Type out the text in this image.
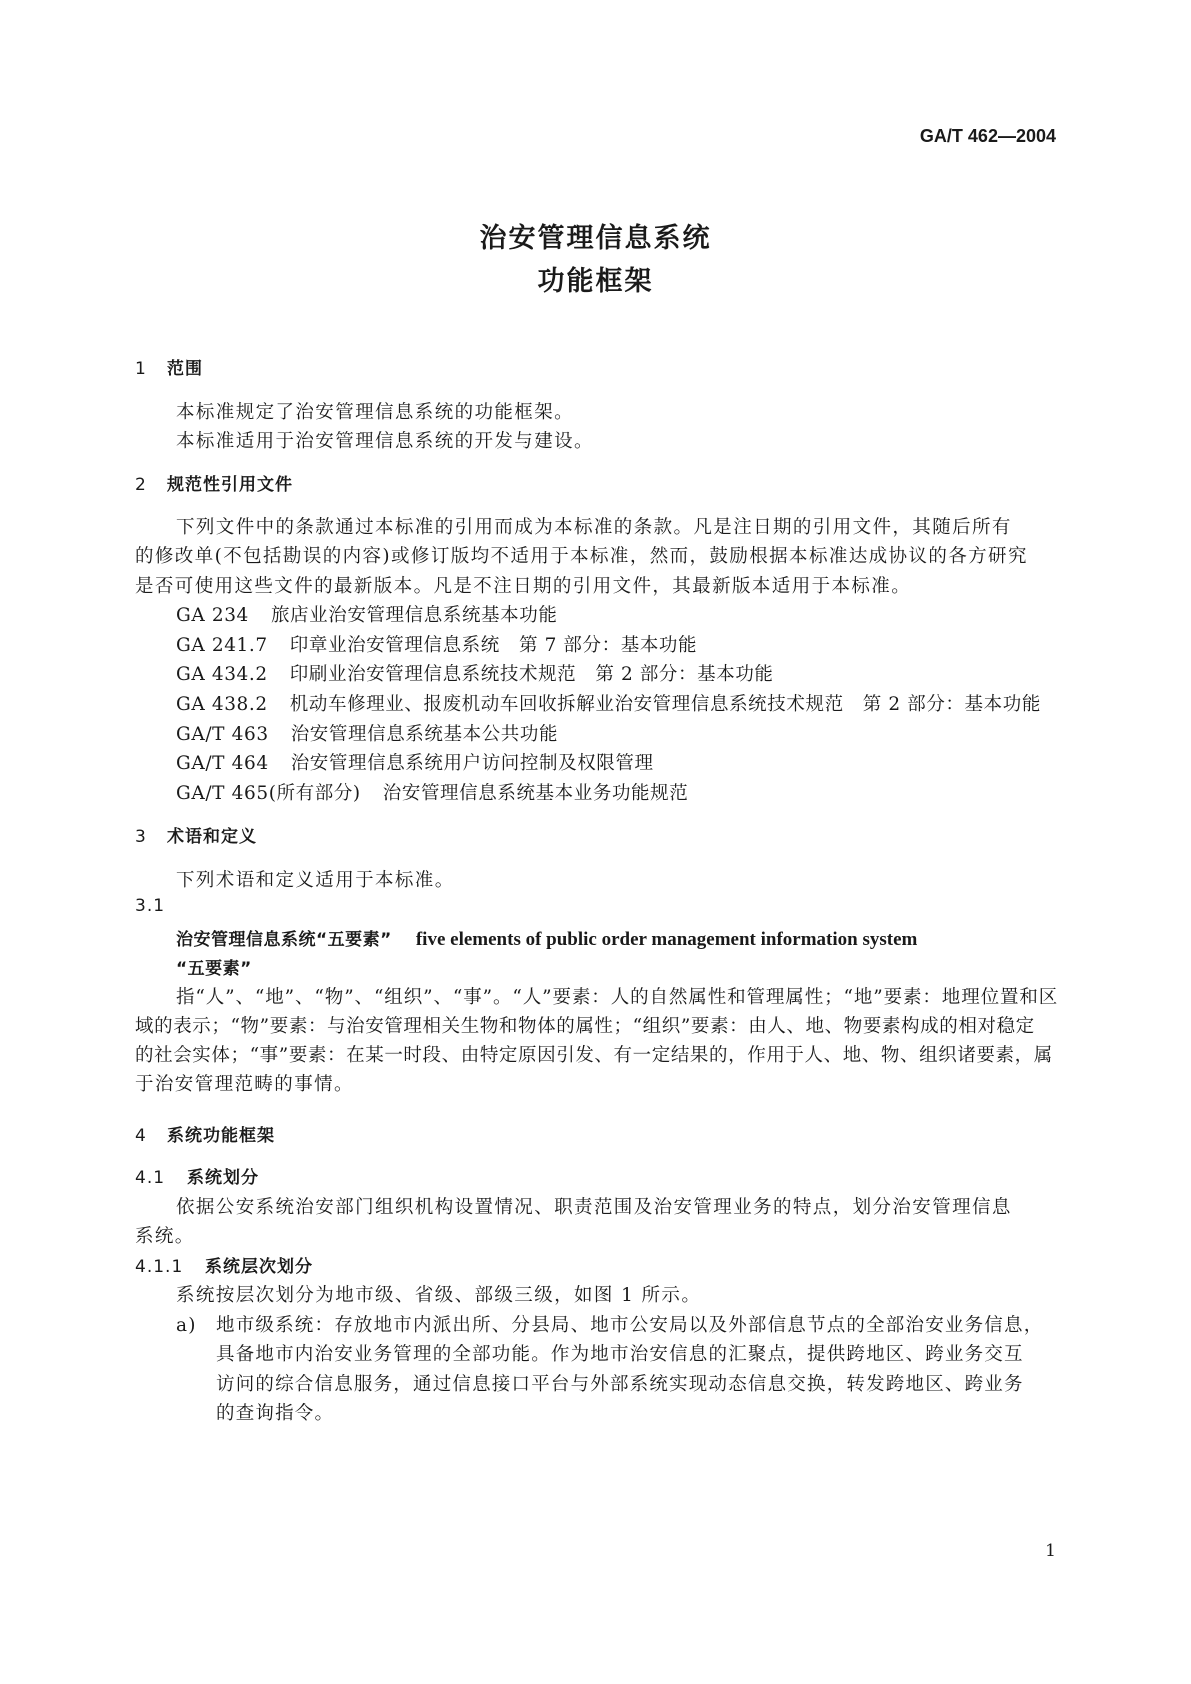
GA/T 462—2004
治安管理信息系统
功能框架
1 范围
本标准规定了治安管理信息系统的功能框架。
本标准适用于治安管理信息系统的开发与建设。
2 规范性引用文件
下列文件中的条款通过本标准的引用而成为本标准的条款。凡是注日期的引用文件，其随后所有
的修改单(不包括勘误的内容)或修订版均不适用于本标准，然而，鼓励根据本标准达成协议的各方研究
是否可使用这些文件的最新版本。凡是不注日期的引用文件，其最新版本适用于本标准。
GA 234 旅店业治安管理信息系统基本功能
GA 241.7 印章业治安管理信息系统　第 7 部分：基本功能
GA 434.2 印刷业治安管理信息系统技术规范　第 2 部分：基本功能
GA 438.2 机动车修理业、报废机动车回收拆解业治安管理信息系统技术规范　第 2 部分：基本功能
GA/T 463 治安管理信息系统基本公共功能
GA/T 464 治安管理信息系统用户访问控制及权限管理
GA/T 465(所有部分) 治安管理信息系统基本业务功能规范
3 术语和定义
下列术语和定义适用于本标准。
3.1
治安管理信息系统“五要素” five elements of public order management information system
“五要素”
指“人”、“地”、“物”、“组织”、“事”。“人”要素：人的自然属性和管理属性；“地”要素：地理位置和区
域的表示；“物”要素：与治安管理相关生物和物体的属性；“组织”要素：由人、地、物要素构成的相对稳定
的社会实体；“事”要素：在某一时段、由特定原因引发、有一定结果的，作用于人、地、物、组织诸要素，属
于治安管理范畴的事情。
4 系统功能框架
4.1 系统划分
依据公安系统治安部门组织机构设置情况、职责范围及治安管理业务的特点，划分治安管理信息
系统。
4.1.1 系统层次划分
系统按层次划分为地市级、省级、部级三级，如图 1 所示。
a) 地市级系统：存放地市内派出所、分县局、地市公安局以及外部信息节点的全部治安业务信息，
具备地市内治安业务管理的全部功能。作为地市治安信息的汇聚点，提供跨地区、跨业务交互
访问的综合信息服务，通过信息接口平台与外部系统实现动态信息交换，转发跨地区、跨业务
的查询指令。
1
